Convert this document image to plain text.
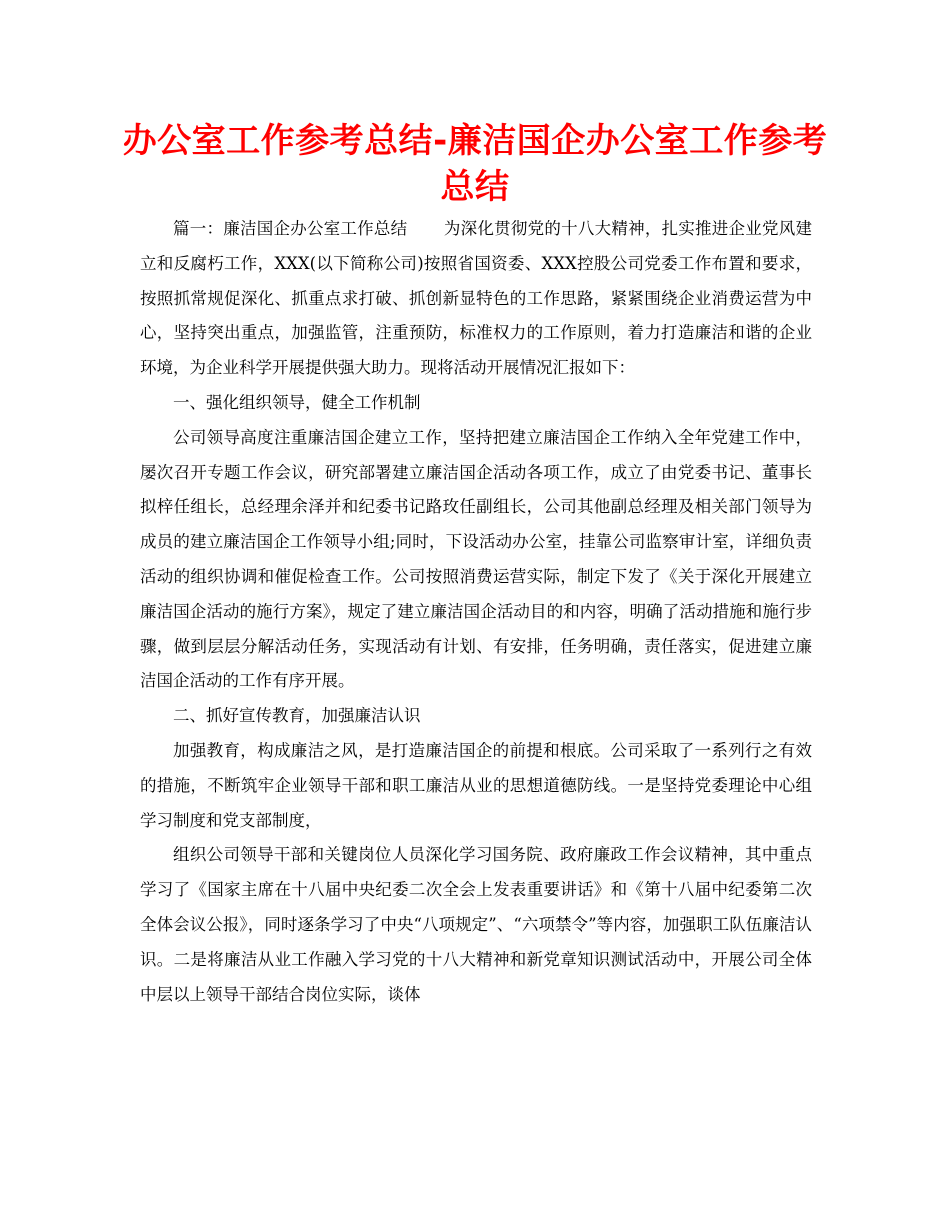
办公室工作参考总结-廉洁国企办公室工作参考总结

篇一：廉洁国企办公室工作总结 为深化贯彻党的十八大精神，扎实推进企业党风建立和反腐朽工作，XXX(以下简称公司)按照省国资委、XXX控股公司党委工作布置和要求，按照抓常规促深化、抓重点求打破、抓创新显特色的工作思路，紧紧围绕企业消费运营为中心，坚持突出重点，加强监管，注重预防，标准权力的工作原则，着力打造廉洁和谐的企业环境，为企业科学开展提供强大助力。现将活动开展情况汇报如下：

一、强化组织领导，健全工作机制

公司领导高度注重廉洁国企建立工作，坚持把建立廉洁国企工作纳入全年党建工作中，屡次召开专题工作会议，研究部署建立廉洁国企活动各项工作，成立了由党委书记、董事长拟梓任组长，总经理余泽并和纪委书记路玫任副组长，公司其他副总经理及相关部门领导为成员的建立廉洁国企工作领导小组;同时，下设活动办公室，挂靠公司监察审计室，详细负责活动的组织协调和催促检查工作。公司按照消费运营实际，制定下发了《关于深化开展建立廉洁国企活动的施行方案》，规定了建立廉洁国企活动目的和内容，明确了活动措施和施行步骤，做到层层分解活动任务，实现活动有计划、有安排，任务明确，责任落实，促进建立廉洁国企活动的工作有序开展。

二、抓好宣传教育，加强廉洁认识

加强教育，构成廉洁之风，是打造廉洁国企的前提和根底。公司采取了一系列行之有效的措施，不断筑牢企业领导干部和职工廉洁从业的思想道德防线。一是坚持党委理论中心组学习制度和党支部制度，

组织公司领导干部和关键岗位人员深化学习国务院、政府廉政工作会议精神，其中重点学习了《国家主席在十八届中央纪委二次全会上发表重要讲话》和《第十八届中纪委第二次全体会议公报》，同时逐条学习了中央“八项规定”、“六项禁令”等内容，加强职工队伍廉洁认识。二是将廉洁从业工作融入学习党的十八大精神和新党章知识测试活动中，开展公司全体中层以上领导干部结合岗位实际，谈体
